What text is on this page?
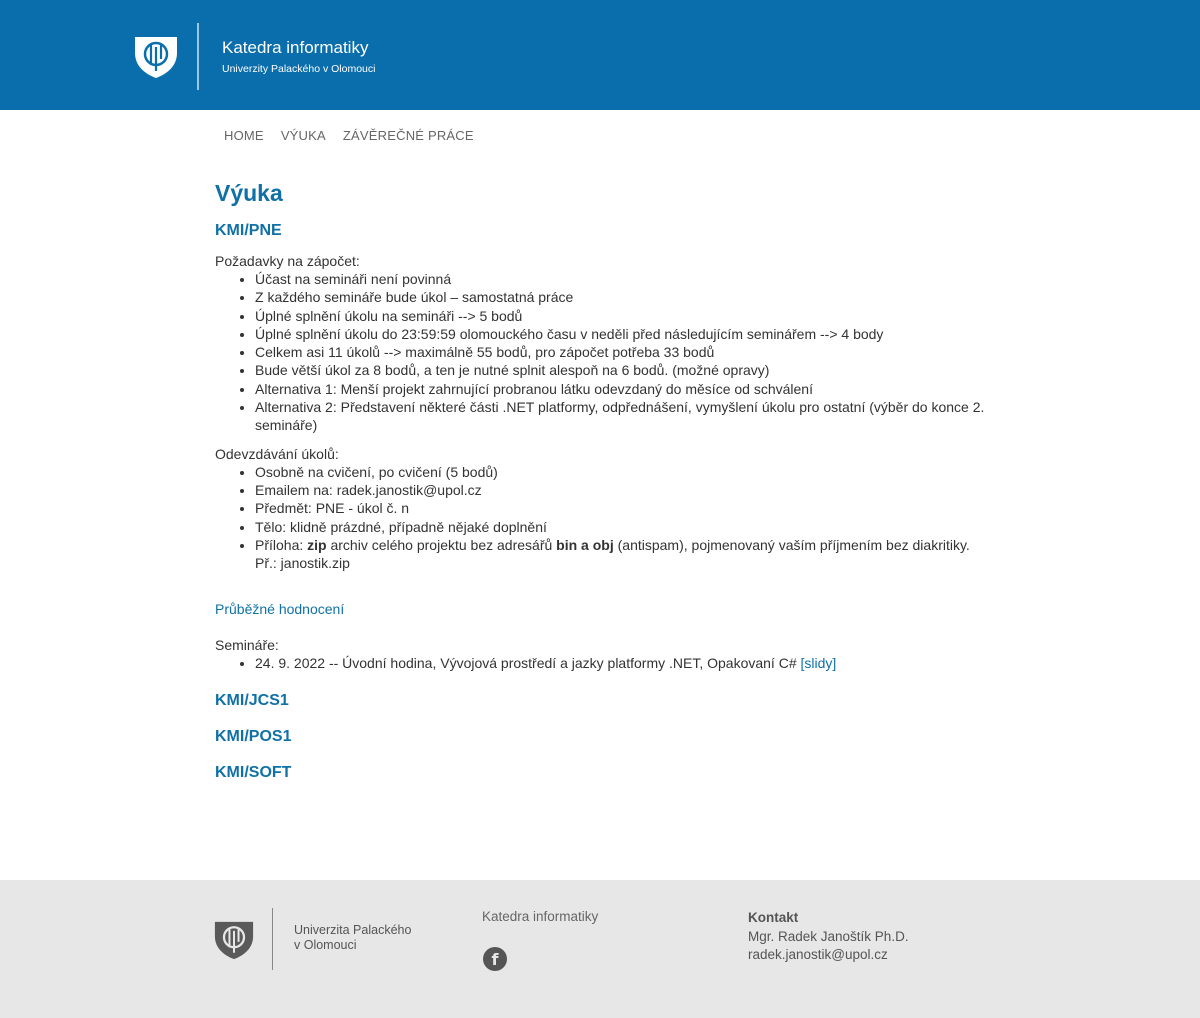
Katedra informatiky
Univerzity Palackého v Olomouci
HOME	VÝUKA	ZÁVĚREČNÉ PRÁCE
Výuka
KMI/PNE

Požadavky na zápočet:

• Účast na semináři není povinná
• Z každého semináře bude úkol – samostatná práce
• Úplné splnění úkolu na semináři --> 5 bodů
• Úplné splnění úkolu do 23:59:59 olomouckého času v neděli před následujícím seminářem --> 4 body
• Celkem asi 11 úkolů --> maximálně 55 bodů, pro zápočet potřeba 33 bodů
• Bude větší úkol za 8 bodů, a ten je nutné splnit alespoň na 6 bodů. (možné opravy)
• Alternativa 1: Menší projekt zahrnující probranou látku odevzdaný do měsíce od schválení
• Alternativa 2: Představení některé části .NET platformy, odpřednášení, vymyšlení úkolu pro ostatní (výběr do konce 2. semináře)

Odevzdávání úkolů:

• Osobně na cvičení, po cvičení (5 bodů)
• Emailem na: radek.janostik@upol.cz
• Předmět: PNE - úkol č. n
• Tělo: klidně prázdné, případně nějaké doplnění
• Příloha: zip archiv celého projektu bez adresářů bin a obj (antispam), pojmenovaný vaším příjmením bez diakritiky. Př.: janostik.zip
Průběžné hodnocení

Semináře:

• 24. 9. 2022 -- Úvodní hodina, Vývojová prostředí a jazky platformy .NET, Opakovaní C# [slidy]
KMI/JCS1
KMI/POS1
KMI/SOFT
Univerzita Palackého
v Olomouci
Katedra informatiky
f
Kontakt
Mgr. Radek Janoštík Ph.D.
radek.janostik@upol.cz
